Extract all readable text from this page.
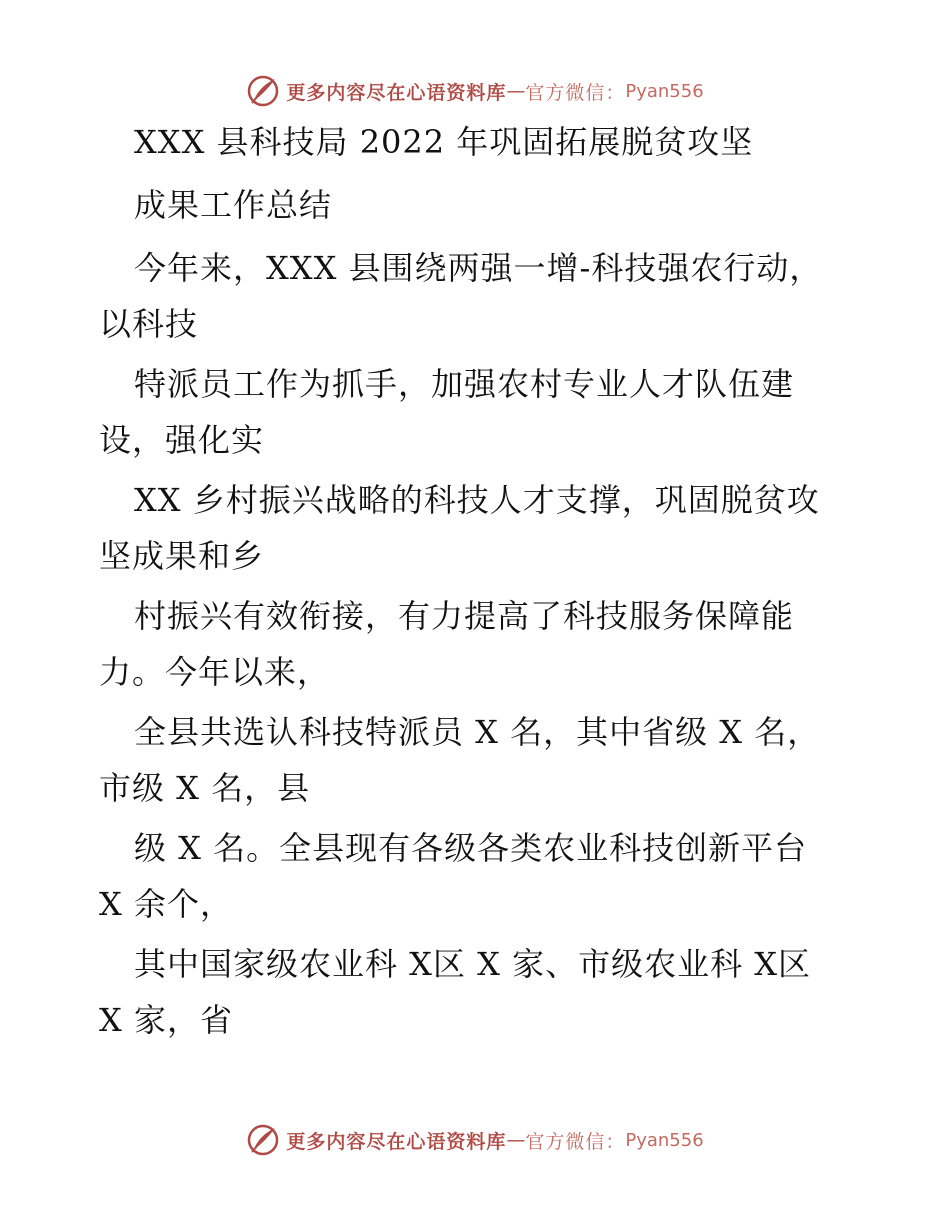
更多内容尽在心语资料库 — 官方微信： Pyan556
XXX 县科技局 2022 年巩固拓展脱贫攻坚
成果工作总结
今年来，XXX 县围绕两强一增-科技强农行动，
以科技
特派员工作为抓手，加强农村专业人才队伍建
设，强化实
XX 乡村振兴战略的科技人才支撑，巩固脱贫攻
坚成果和乡
村振兴有效衔接，有力提高了科技服务保障能
力。今年以来，
全县共选认科技特派员 X 名，其中省级 X 名，
市级 X 名，县
级 X 名。全县现有各级各类农业科技创新平台
X 余个，
其中国家级农业科 X区 X 家、市级农业科 X区
X 家，省
更多内容尽在心语资料库 — 官方微信： Pyan556
